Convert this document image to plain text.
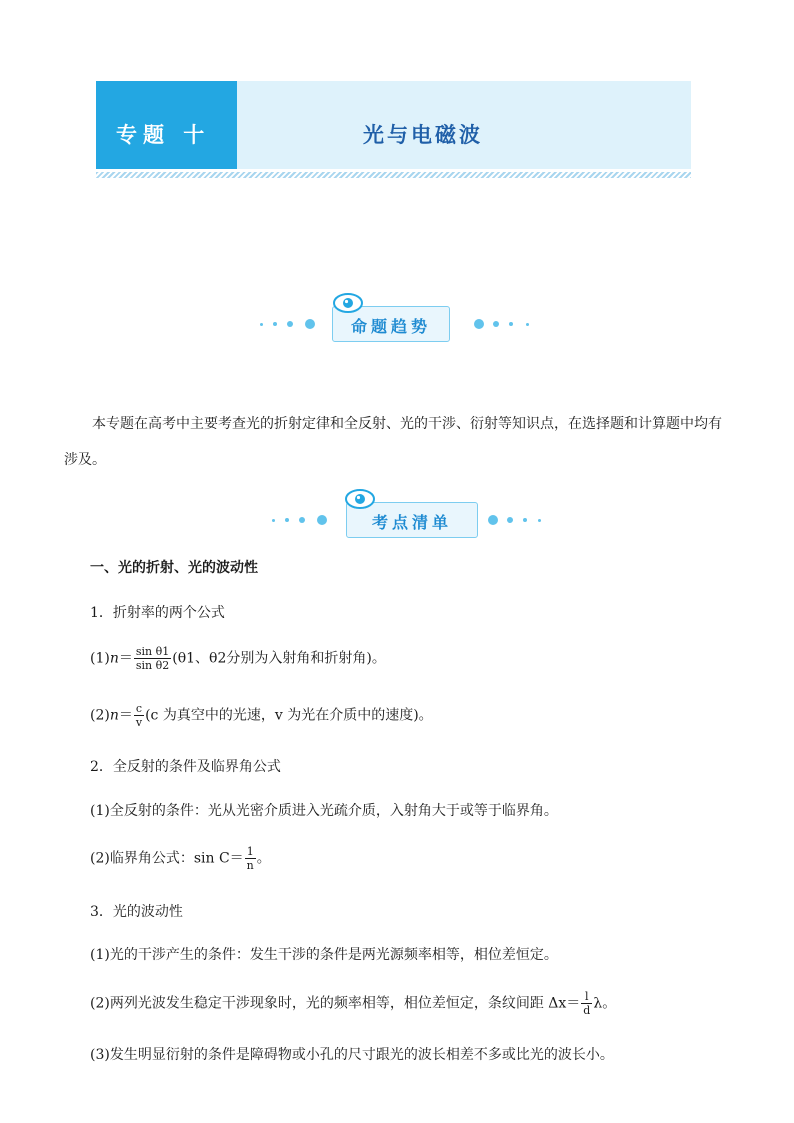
专题 十	光与电磁波
命题趋势
本专题在高考中主要考查光的折射定律和全反射、光的干涉、衍射等知识点，在选择题和计算题中均有涉及。
考点清单
一、光的折射、光的波动性
1．折射率的两个公式
$(1)n= \frac{\text{sin θ1}}{\text{sin θ2}} (\theta 1$、θ2分别为入射角和折射角)。
$(2)n= \frac{c}{v} (c$ 为真空中的光速，v 为光在介质中的速度)。
2．全反射的条件及临界角公式
(1)全反射的条件：光从光密介质进入光疏介质，入射角大于或等于临界角。
(2)临界角公式：$\sin C= \frac{1}{n}$ 。
3．光的波动性
(1)光的干涉产生的条件：发生干涉的条件是两光源频率相等，相位差恒定。
(2)两列光波发生稳定干涉现象时，光的频率相等，相位差恒定，条纹间距 $\Delta x= \frac{l}{d}$ λ。
(3)发生明显衍射的条件是障碍物或小孔的尺寸跟光的波长相差不多或比光的波长小。
